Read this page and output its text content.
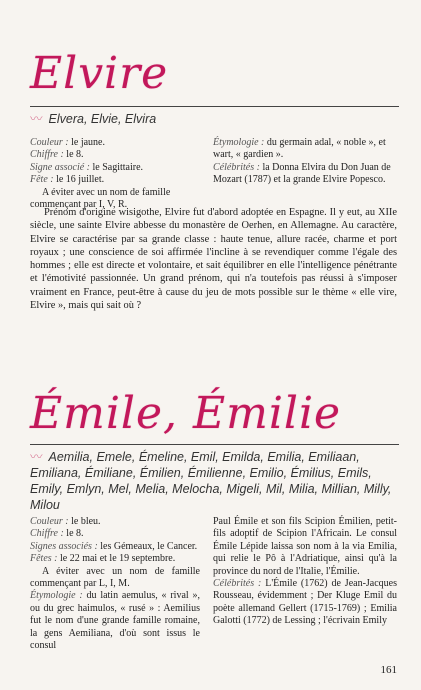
Elvire
〰 Elvera, Elvie, Elvira

Couleur : le jaune.

Chiffre : le 8.

Signe associé : le Sagittaire.

Fête : le 16 juillet.

A éviter avec un nom de famille commençant par I, V, R.

Étymologie : du germain adal, « noble », et wart, « gardien ».

Célébrités : la Donna Elvira du Don Juan de Mozart (1787) et la grande Elvire Popesco.

Prénom d'origine wisigothe, Elvire fut d'abord adoptée en Espagne. Il y eut, au XIIe siècle, une sainte Elvire abbesse du monastère de Oerhen, en Allemagne. Au caractère, Elvire se caractérise par sa grande classe : haute tenue, allure racée, charme et port royaux ; une conscience de soi affirmée l'incline à se revendiquer comme l'égale des hommes ; elle est directe et volontaire, et sait équilibrer en elle l'intelligence pénétrante et l'émotivité passionnée. Un grand prénom, qui n'a toutefois pas réussi à s'imposer vraiment en France, peut-être à cause du jeu de mots possible sur le thème « elle vire, Elvire », mais qui sait où ?
Émile, Émilie
〰 Aemilia, Emele, Émeline, Emil, Emilda, Emilia, Emiliaan, Emiliana, Émiliane, Émilien, Émilienne, Emilio, Émilius, Emils, Emily, Emlyn, Mel, Melia, Melocha, Migeli, Mil, Milia, Millian, Milly, Milou

Couleur : le bleu.

Chiffre : le 8.

Signes associés : les Gémeaux, le Cancer.

Fêtes : le 22 mai et le 19 septembre.

A éviter avec un nom de famille commençant par L, I, M.

Étymologie : du latin aemulus, « rival », ou du grec haimulos, « rusé » : Aemilius fut le nom d'une grande famille romaine, la gens Aemiliana, d'où sont issus le consul

Paul Émile et son fils Scipion Émilien, petit-fils adoptif de Scipion l'Africain. Le consul Émile Lépide laissa son nom à la via Emilia, qui relie le Pô à l'Adriatique, ainsi qu'à la province du nord de l'Italie, l'Émilie.

Célébrités : L'Émile (1762) de Jean-Jacques Rousseau, évidemment ; Der Kluge Emil du poète allemand Gellert (1715-1769) ; Emilia Galotti (1772) de Lessing ; l'écrivain Emily

161
